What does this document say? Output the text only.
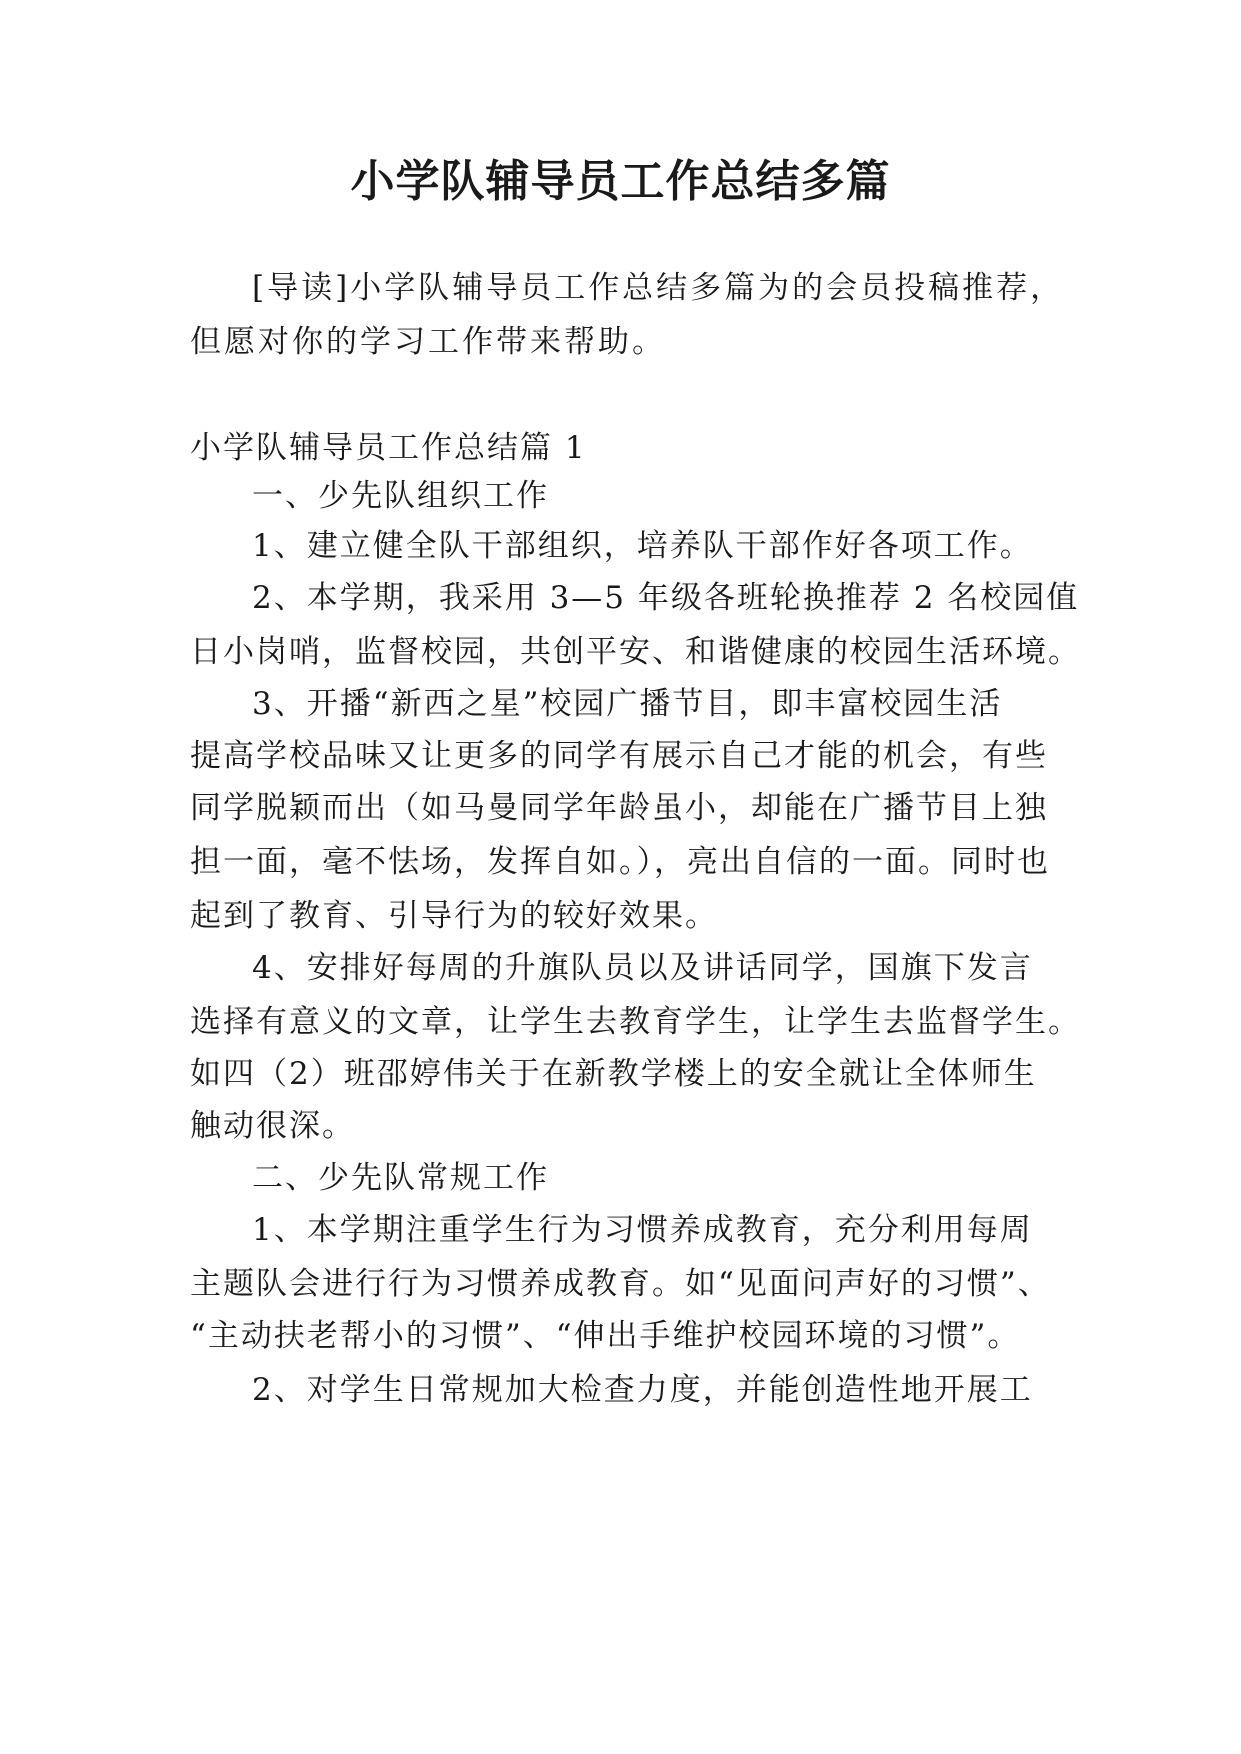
小学队辅导员工作总结多篇

[导读]小学队辅导员工作总结多篇为的会员投稿推荐，

但愿对你的学习工作带来帮助。

小学队辅导员工作总结篇 1

一、少先队组织工作

1、建立健全队干部组织，培养队干部作好各项工作。

2、本学期，我采用 3—5 年级各班轮换推荐 2 名校园值

日小岗哨，监督校园，共创平安、和谐健康的校园生活环境。

3、开播“新西之星”校园广播节目，即丰富校园生活

提高学校品味又让更多的同学有展示自己才能的机会，有些

同学脱颖而出（如马曼同学年龄虽小，却能在广播节目上独

担一面，毫不怯场，发挥自如。），亮出自信的一面。同时也

起到了教育、引导行为的较好效果。

4、安排好每周的升旗队员以及讲话同学，国旗下发言

选择有意义的文章，让学生去教育学生，让学生去监督学生。

如四（2）班邵婷伟关于在新教学楼上的安全就让全体师生

触动很深。

二、少先队常规工作

1、本学期注重学生行为习惯养成教育，充分利用每周

主题队会进行行为习惯养成教育。如“见面问声好的习惯”、

“主动扶老帮小的习惯”、“伸出手维护校园环境的习惯”。

2、对学生日常规加大检查力度，并能创造性地开展工
